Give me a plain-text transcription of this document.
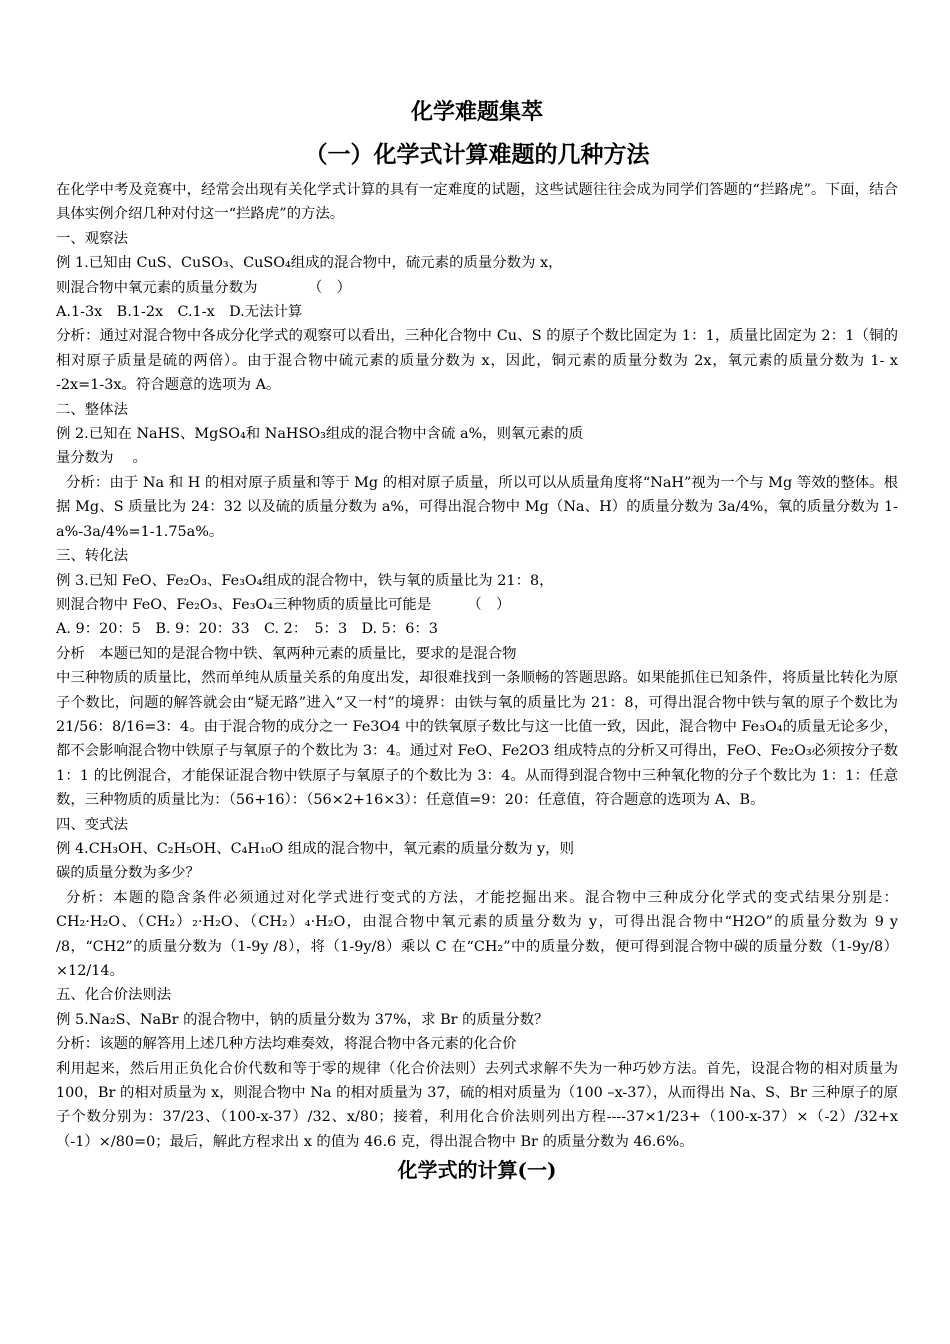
化学难题集萃
（一）化学式计算难题的几种方法

在化学中考及竞赛中，经常会出现有关化学式计算的具有一定难度的试题，这些试题往往会成为同学们答题的“拦路虎”。下面，结合具体实例介绍几种对付这一“拦路虎”的方法。

一、观察法

例 1.已知由 CuS、CuSO₃、CuSO₄组成的混合物中，硫元素的质量分数为 x，

则混合物中氧元素的质量分数为　　　　（　）

A.1-3x　B.1-2x　C.1-x　D.无法计算

分析：通过对混合物中各成分化学式的观察可以看出，三种化合物中 Cu、S 的原子个数比固定为 1：1，质量比固定为 2：1（铜的相对原子质量是硫的两倍）。由于混合物中硫元素的质量分数为 x，因此，铜元素的质量分数为 2x，氧元素的质量分数为 1- x -2x=1-3x。符合题意的选项为 A。

二、整体法

例 2.已知在 NaHS、MgSO₄和 NaHSO₃组成的混合物中含硫 a%，则氧元素的质

量分数为　 。

分析：由于 Na 和 H 的相对原子质量和等于 Mg 的相对原子质量，所以可以从质量角度将“NaH”视为一个与 Mg 等效的整体。根据 Mg、S 质量比为 24：32 以及硫的质量分数为 a%，可得出混合物中 Mg（Na、H）的质量分数为 3a/4%，氧的质量分数为 1-a%-3a/4%=1-1.75a%。

三、转化法

例 3.已知 FeO、Fe₂O₃、Fe₃O₄组成的混合物中，铁与氧的质量比为 21：8，

则混合物中 FeO、Fe₂O₃、Fe₃O₄三种物质的质量比可能是　　　（　）

A. 9：20：5　B. 9：20：33　C. 2：　5：3　D. 5：6：3

分析　本题已知的是混合物中铁、氧两种元素的质量比，要求的是混合物

中三种物质的质量比，然而单纯从质量关系的角度出发，却很难找到一条顺畅的答题思路。如果能抓住已知条件，将质量比转化为原子个数比，问题的解答就会由“疑无路”进入“又一村”的境界：由铁与氧的质量比为 21：8，可得出混合物中铁与氧的原子个数比为 21/56：8/16=3：4。由于混合物的成分之一 Fe3O4 中的铁氧原子数比与这一比值一致，因此，混合物中 Fe₃O₄的质量无论多少，都不会影响混合物中铁原子与氧原子的个数比为 3：4。通过对 FeO、Fe2O3 组成特点的分析又可得出，FeO、Fe₂O₃必须按分子数 1：1 的比例混合，才能保证混合物中铁原子与氧原子的个数比为 3：4。从而得到混合物中三种氧化物的分子个数比为 1：1：任意数，三种物质的质量比为：（56+16）：（56×2+16×3）：任意值=9：20：任意值，符合题意的选项为 A、B。

四、变式法

例 4.CH₃OH、C₂H₅OH、C₄H₁₀O 组成的混合物中，氧元素的质量分数为 y，则

碳的质量分数为多少？

分析：本题的隐含条件必须通过对化学式进行变式的方法，才能挖掘出来。混合物中三种成分化学式的变式结果分别是：CH₂·H₂O、（CH₂）₂·H₂O、（CH₂）₄·H₂O，由混合物中氧元素的质量分数为 y，可得出混合物中“H2O”的质量分数为 9 y /8，“CH2”的质量分数为（1-9y /8），将（1-9y/8）乘以 C 在“CH₂”中的质量分数，便可得到混合物中碳的质量分数（1-9y/8）×12/14。

五、化合价法则法

例 5.Na₂S、NaBr 的混合物中，钠的质量分数为 37%，求 Br 的质量分数？

分析：该题的解答用上述几种方法均难奏效，将混合物中各元素的化合价

利用起来，然后用正负化合价代数和等于零的规律（化合价法则）去列式求解不失为一种巧妙方法。首先，设混合物的相对质量为 100，Br 的相对质量为 x，则混合物中 Na 的相对质量为 37，硫的相对质量为（100 –x-37），从而得出 Na、S、Br 三种原子的原子个数分别为：37/23、（100-x-37）/32、x/80；接着，利用化合价法则列出方程----37×1/23+（100-x-37）×（-2）/32+x（-1）×/80=0；最后，解此方程求出 x 的值为 46.6 克，得出混合物中 Br 的质量分数为 46.6%。

化学式的计算(一)
